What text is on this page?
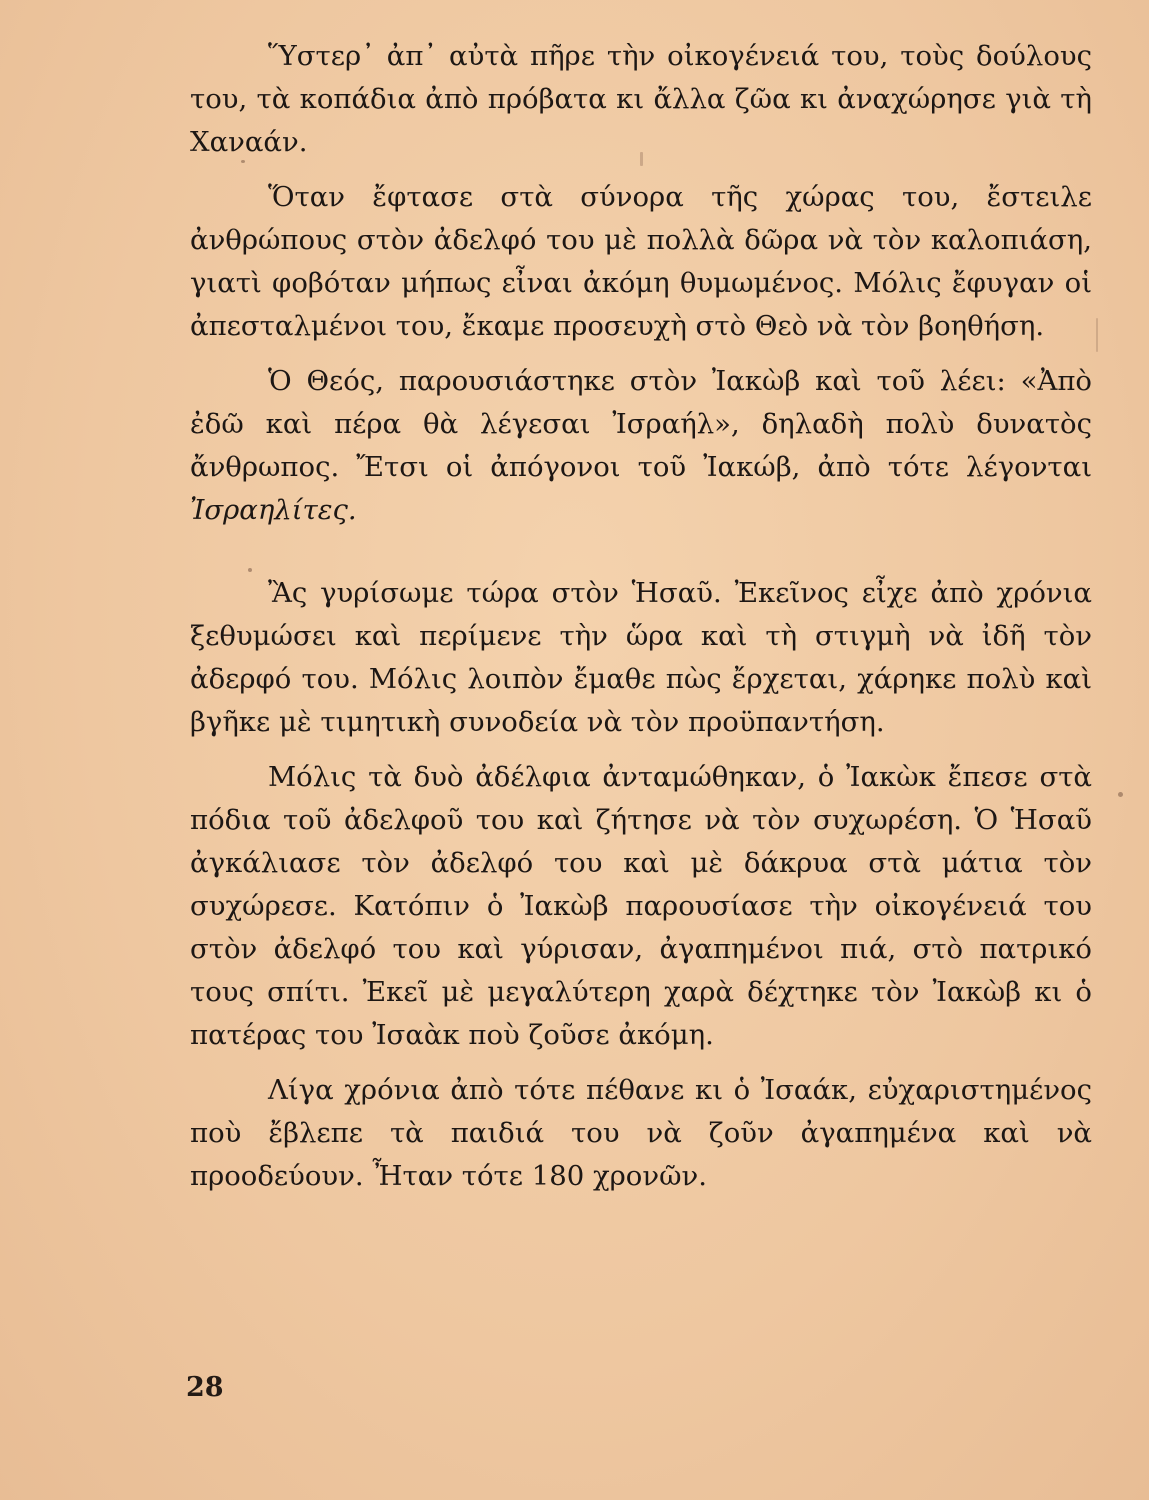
Ὕστερ᾽ ἀπ᾽ αὐτὰ πῆρε τὴν οἰκογένειά του, τοὺς δούλους του, τὰ κοπάδια ἀπὸ πρόβατα κι ἄλλα ζῶα κι ἀναχώρησε γιὰ τὴ Χαναάν.

Ὅταν ἔφτασε στὰ σύνορα τῆς χώρας του, ἔστειλε ἀνθρώπους στὸν ἀδελφό του μὲ πολλὰ δῶρα νὰ τὸν καλοπιάση, γιατὶ φοβόταν μήπως εἶναι ἀκόμη θυμωμένος. Μόλις ἔφυγαν οἱ ἀπεσταλμένοι του, ἔκαμε προσευχὴ στὸ Θεὸ νὰ τὸν βοηθήση.

Ὁ Θεός, παρουσιάστηκε στὸν Ἰακὼβ καὶ τοῦ λέει: «Ἀπὸ ἐδῶ καὶ πέρα θὰ λέγεσαι Ἰσραήλ», δηλαδὴ πολὺ δυνατὸς ἄνθρωπος. Ἔτσι οἱ ἀπόγονοι τοῦ Ἰακώβ, ἀπὸ τότε λέγονται Ἰσραηλίτες.

Ἂς γυρίσωμε τώρα στὸν Ἡσαῦ. Ἐκεῖνος εἶχε ἀπὸ χρόνια ξεθυμώσει καὶ περίμενε τὴν ὥρα καὶ τὴ στιγμὴ νὰ ἰδῆ τὸν ἀδερφό του. Μόλις λοιπὸν ἔμαθε πὼς ἔρχεται, χάρηκε πολὺ καὶ βγῆκε μὲ τιμητικὴ συνοδεία νὰ τὸν προϋπαντήση.

Μόλις τὰ δυὸ ἀδέλφια ἀνταμώθηκαν, ὁ Ἰακὼκ ἔπεσε στὰ πόδια τοῦ ἀδελφοῦ του καὶ ζήτησε νὰ τὸν συχωρέση. Ὁ Ἡσαῦ ἀγκάλιασε τὸν ἀδελφό του καὶ μὲ δάκρυα στὰ μάτια τὸν συχώρεσε. Κατόπιν ὁ Ἰακὼβ παρουσίασε τὴν οἰκογένειά του στὸν ἀδελφό του καὶ γύρισαν, ἀγαπημένοι πιά, στὸ πατρικό τους σπίτι. Ἐκεῖ μὲ μεγαλύτερη χαρὰ δέχτηκε τὸν Ἰακὼβ κι ὁ πατέρας του Ἰσαὰκ ποὺ ζοῦσε ἀκόμη.

Λίγα χρόνια ἀπὸ τότε πέθανε κι ὁ Ἰσαάκ, εὐχαριστημένος ποὺ ἔβλεπε τὰ παιδιά του νὰ ζοῦν ἀγαπημένα καὶ νὰ προοδεύουν. Ἦταν τότε 180 χρονῶν.

28
